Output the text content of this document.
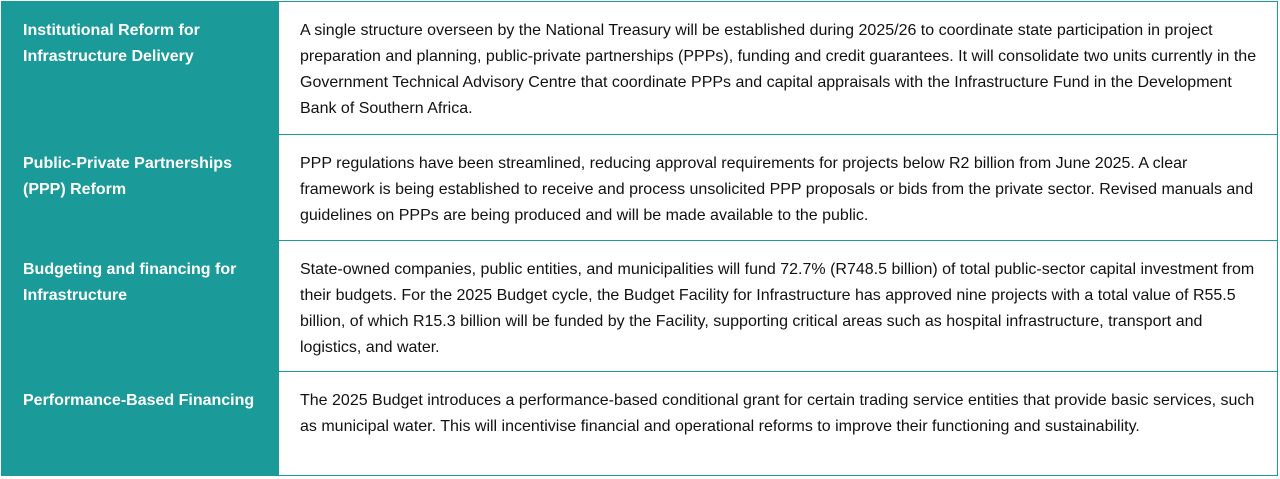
Institutional Reform for Infrastructure Delivery
A single structure overseen by the National Treasury will be established during 2025/26 to coordinate state participation in project preparation and planning, public-private partnerships (PPPs), funding and credit guarantees. It will consolidate two units currently in the Government Technical Advisory Centre that coordinate PPPs and capital appraisals with the Infrastructure Fund in the Development Bank of Southern Africa.
Public-Private Partnerships (PPP) Reform
PPP regulations have been streamlined, reducing approval requirements for projects below R2 billion from June 2025. A clear framework is being established to receive and process unsolicited PPP proposals or bids from the private sector. Revised manuals and guidelines on PPPs are being produced and will be made available to the public.
Budgeting and financing for Infrastructure
State-owned companies, public entities, and municipalities will fund 72.7% (R748.5 billion) of total public-sector capital investment from their budgets. For the 2025 Budget cycle, the Budget Facility for Infrastructure has approved nine projects with a total value of R55.5 billion, of which R15.3 billion will be funded by the Facility, supporting critical areas such as hospital infrastructure, transport and logistics, and water.
Performance-Based Financing	The 2025 Budget introduces a performance-based conditional grant for certain trading service entities that provide basic services, such as municipal water. This will incentivise financial and operational reforms to improve their functioning and sustainability.
